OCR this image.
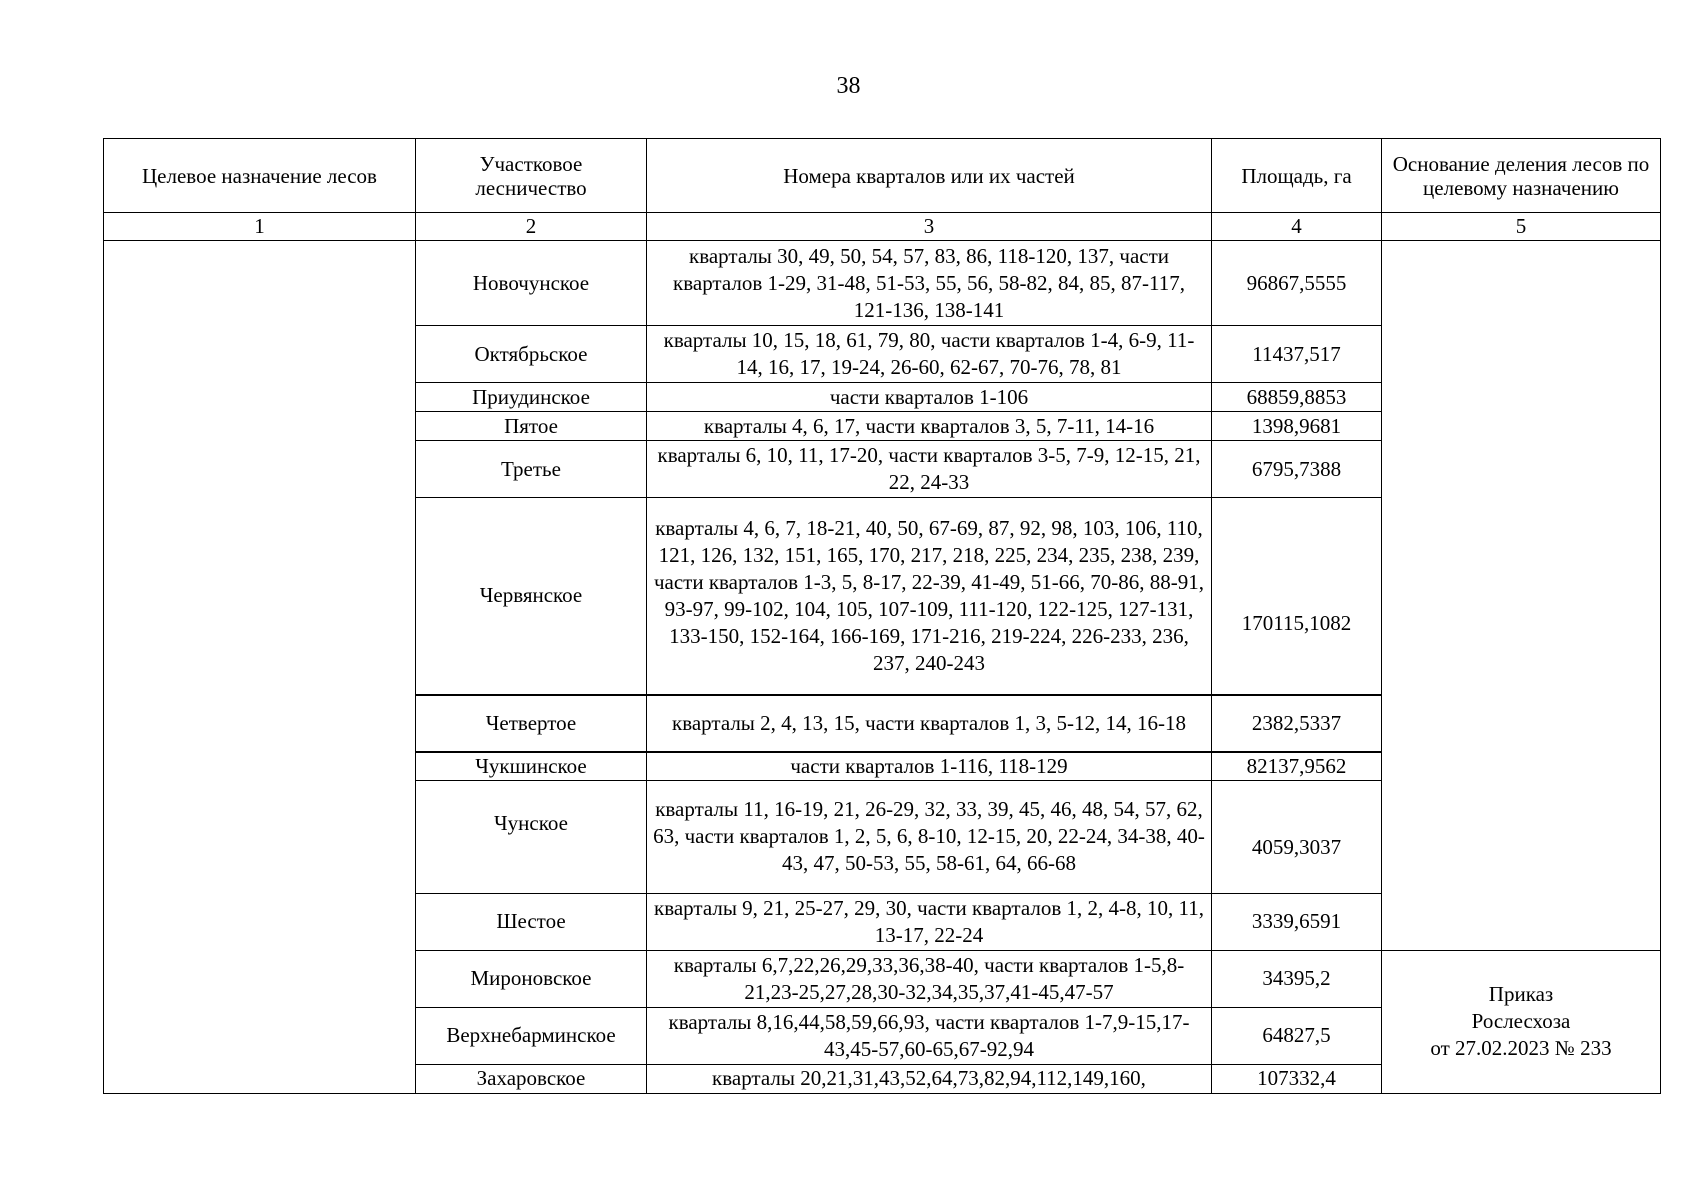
38
Целевое назначение лесов	Участковое лесничество	Номера кварталов или их частей	Площадь, га	Основание деления лесов по целевому назначению
1	2	3	4	5
	Новочунское	кварталы 30, 49, 50, 54, 57, 83, 86, 118-120, 137, части кварталов 1-29, 31-48, 51-53, 55, 56, 58-82, 84, 85, 87-117, 121-136, 138-141	96867,5555	
	Октябрьское	кварталы 10, 15, 18, 61, 79, 80, части кварталов 1-4, 6-9, 11-14, 16, 17, 19-24, 26-60, 62-67, 70-76, 78, 81	11437,517	
	Приудинское	части кварталов 1-106	68859,8853	
	Пятое	кварталы 4, 6, 17, части кварталов 3, 5, 7-11, 14-16	1398,9681	
	Третье	кварталы 6, 10, 11, 17-20, части кварталов 3-5, 7-9, 12-15, 21, 22, 24-33	6795,7388	
	Червянское	кварталы 4, 6, 7, 18-21, 40, 50, 67-69, 87, 92, 98, 103, 106, 110, 121, 126, 132, 151, 165, 170, 217, 218, 225, 234, 235, 238, 239, части кварталов 1-3, 5, 8-17, 22-39, 41-49, 51-66, 70-86, 88-91, 93-97, 99-102, 104, 105, 107-109, 111-120, 122-125, 127-131, 133-150, 152-164, 166-169, 171-216, 219-224, 226-233, 236, 237, 240-243	170115,1082	
	Четвертое	кварталы 2, 4, 13, 15, части кварталов 1, 3, 5-12, 14, 16-18	2382,5337	
	Чукшинское	части кварталов 1-116, 118-129	82137,9562	
	Чунское	кварталы 11, 16-19, 21, 26-29, 32, 33, 39, 45, 46, 48, 54, 57, 62, 63, части кварталов 1, 2, 5, 6, 8-10, 12-15, 20, 22-24, 34-38, 40-43, 47, 50-53, 55, 58-61, 64, 66-68	4059,3037	
	Шестое	кварталы 9, 21, 25-27, 29, 30, части кварталов 1, 2, 4-8, 10, 11, 13-17, 22-24	3339,6591	
	Мироновское	кварталы 6,7,22,26,29,33,36,38-40, части кварталов 1-5,8-21,23-25,27,28,30-32,34,35,37,41-45,47-57	34395,2	Приказ
Рослесхоза
от 27.02.2023 № 233

	Верхнебарминское	кварталы 8,16,44,58,59,66,93, части кварталов 1-7,9-15,17-43,45-57,60-65,67-92,94	64827,5	
	Захаровское	кварталы 20,21,31,43,52,64,73,82,94,112,149,160,	107332,4	
